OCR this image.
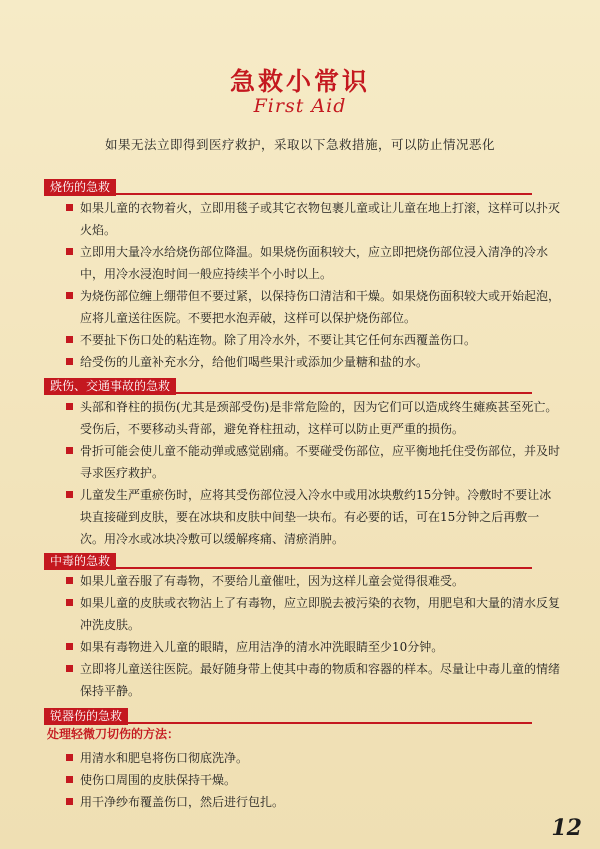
急救小常识
First Aid
如果无法立即得到医疗救护，采取以下急救措施，可以防止情况恶化
烧伤的急救
如果儿童的衣物着火，立即用毯子或其它衣物包裹儿童或让儿童在地上打滚，这样可以扑灭火焰。
立即用大量冷水给烧伤部位降温。如果烧伤面积较大，应立即把烧伤部位浸入清净的冷水中，用冷水浸泡时间一般应持续半个小时以上。
为烧伤部位缠上绷带但不要过紧，以保持伤口清洁和干燥。如果烧伤面积较大或开始起泡，应将儿童送往医院。不要把水泡弄破，这样可以保护烧伤部位。
不要扯下伤口处的粘连物。除了用冷水外，不要让其它任何东西覆盖伤口。
给受伤的儿童补充水分，给他们喝些果汁或添加少量糖和盐的水。
跌伤、交通事故的急救
头部和脊柱的损伤(尤其是颈部受伤)是非常危险的，因为它们可以造成终生瘫痪甚至死亡。受伤后，不要移动头背部，避免脊柱扭动，这样可以防止更严重的损伤。
骨折可能会使儿童不能动弹或感觉剧痛。不要碰受伤部位，应平衡地托住受伤部位，并及时寻求医疗救护。
儿童发生严重瘀伤时，应将其受伤部位浸入冷水中或用冰块敷约15分钟。冷敷时不要让冰块直接碰到皮肤，要在冰块和皮肤中间垫一块布。有必要的话，可在15分钟之后再敷一次。用冷水或冰块冷敷可以缓解疼痛、清瘀消肿。
中毒的急救
如果儿童吞服了有毒物，不要给儿童催吐，因为这样儿童会觉得很难受。
如果儿童的皮肤或衣物沾上了有毒物，应立即脱去被污染的衣物，用肥皂和大量的清水反复冲洗皮肤。
如果有毒物进入儿童的眼睛，应用洁净的清水冲洗眼睛至少10分钟。
立即将儿童送往医院。最好随身带上使其中毒的物质和容器的样本。尽量让中毒儿童的情绪保持平静。
锐器伤的急救
处理轻微刀切伤的方法：
用清水和肥皂将伤口彻底洗净。
使伤口周围的皮肤保持干燥。
用干净纱布覆盖伤口，然后进行包扎。
12
